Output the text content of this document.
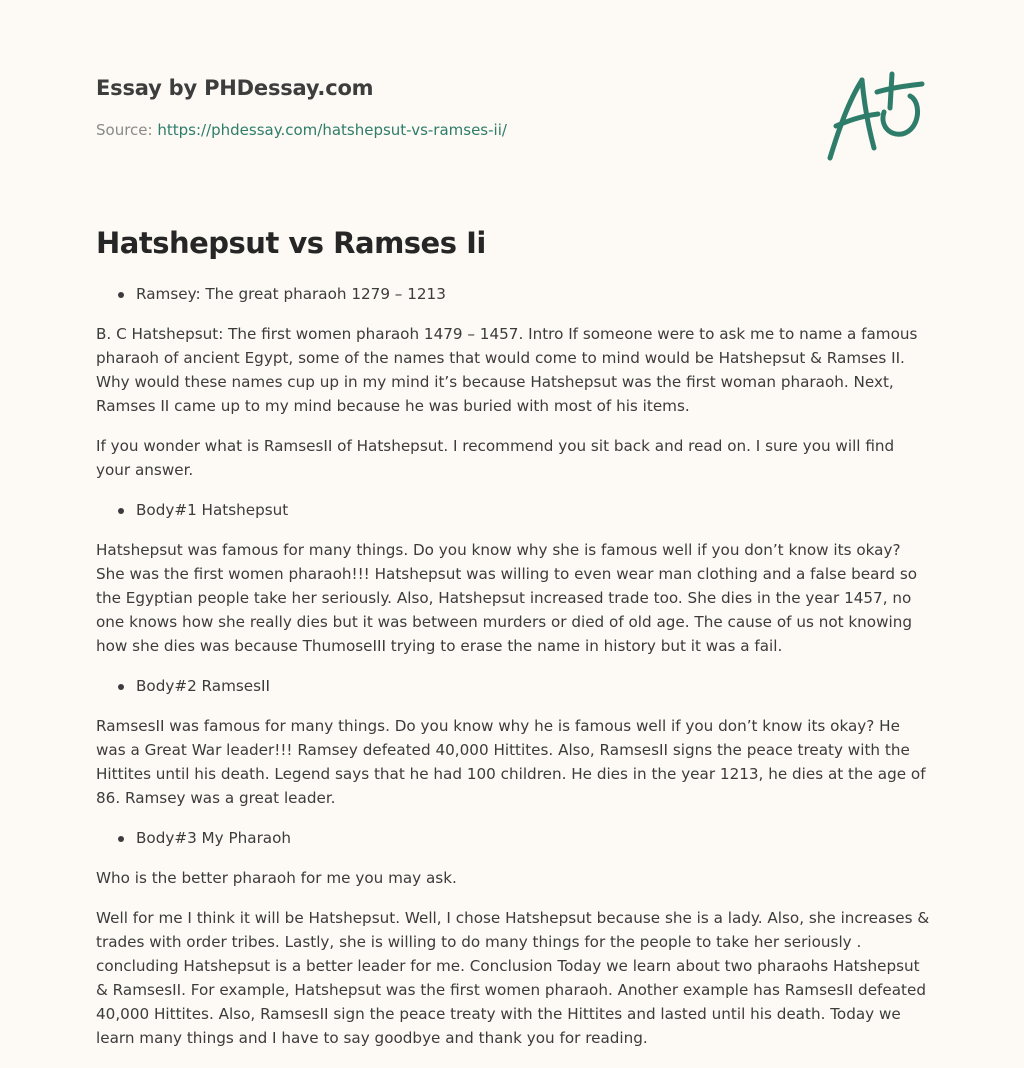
Essay by PHDessay.com
Source: https://phdessay.com/hatshepsut-vs-ramses-ii/
Hatshepsut vs Ramses Ii
Ramsey: The great pharaoh 1279 – 1213

B. C Hatshepsut: The first women pharaoh 1479 – 1457. Intro If someone were to ask me to name a famous pharaoh of ancient Egypt, some of the names that would come to mind would be Hatshepsut & Ramses II. Why would these names cup up in my mind it’s because Hatshepsut was the first woman pharaoh. Next, Ramses II came up to my mind because he was buried with most of his items.

If you wonder what is RamsesII of Hatshepsut. I recommend you sit back and read on. I sure you will find your answer.

Body#1 Hatshepsut

Hatshepsut was famous for many things. Do you know why she is famous well if you don’t know its okay? She was the first women pharaoh!!! Hatshepsut was willing to even wear man clothing and a false beard so the Egyptian people take her seriously. Also, Hatshepsut increased trade too. She dies in the year 1457, no one knows how she really dies but it was between murders or died of old age. The cause of us not knowing how she dies was because ThumoseIII trying to erase the name in history but it was a fail.

Body#2 RamsesII

RamsesII was famous for many things. Do you know why he is famous well if you don’t know its okay? He was a Great War leader!!! Ramsey defeated 40,000 Hittites. Also, RamsesII signs the peace treaty with the Hittites until his death. Legend says that he had 100 children. He dies in the year 1213, he dies at the age of 86. Ramsey was a great leader.

Body#3 My Pharaoh

Who is the better pharaoh for me you may ask.

Well for me I think it will be Hatshepsut. Well, I chose Hatshepsut because she is a lady. Also, she increases & trades with order tribes. Lastly, she is willing to do many things for the people to take her seriously . concluding Hatshepsut is a better leader for me. Conclusion Today we learn about two pharaohs Hatshepsut & RamsesII. For example, Hatshepsut was the first women pharaoh. Another example has RamsesII defeated 40,000 Hittites. Also, RamsesII sign the peace treaty with the Hittites and lasted until his death. Today we learn many things and I have to say goodbye and thank you for reading.
